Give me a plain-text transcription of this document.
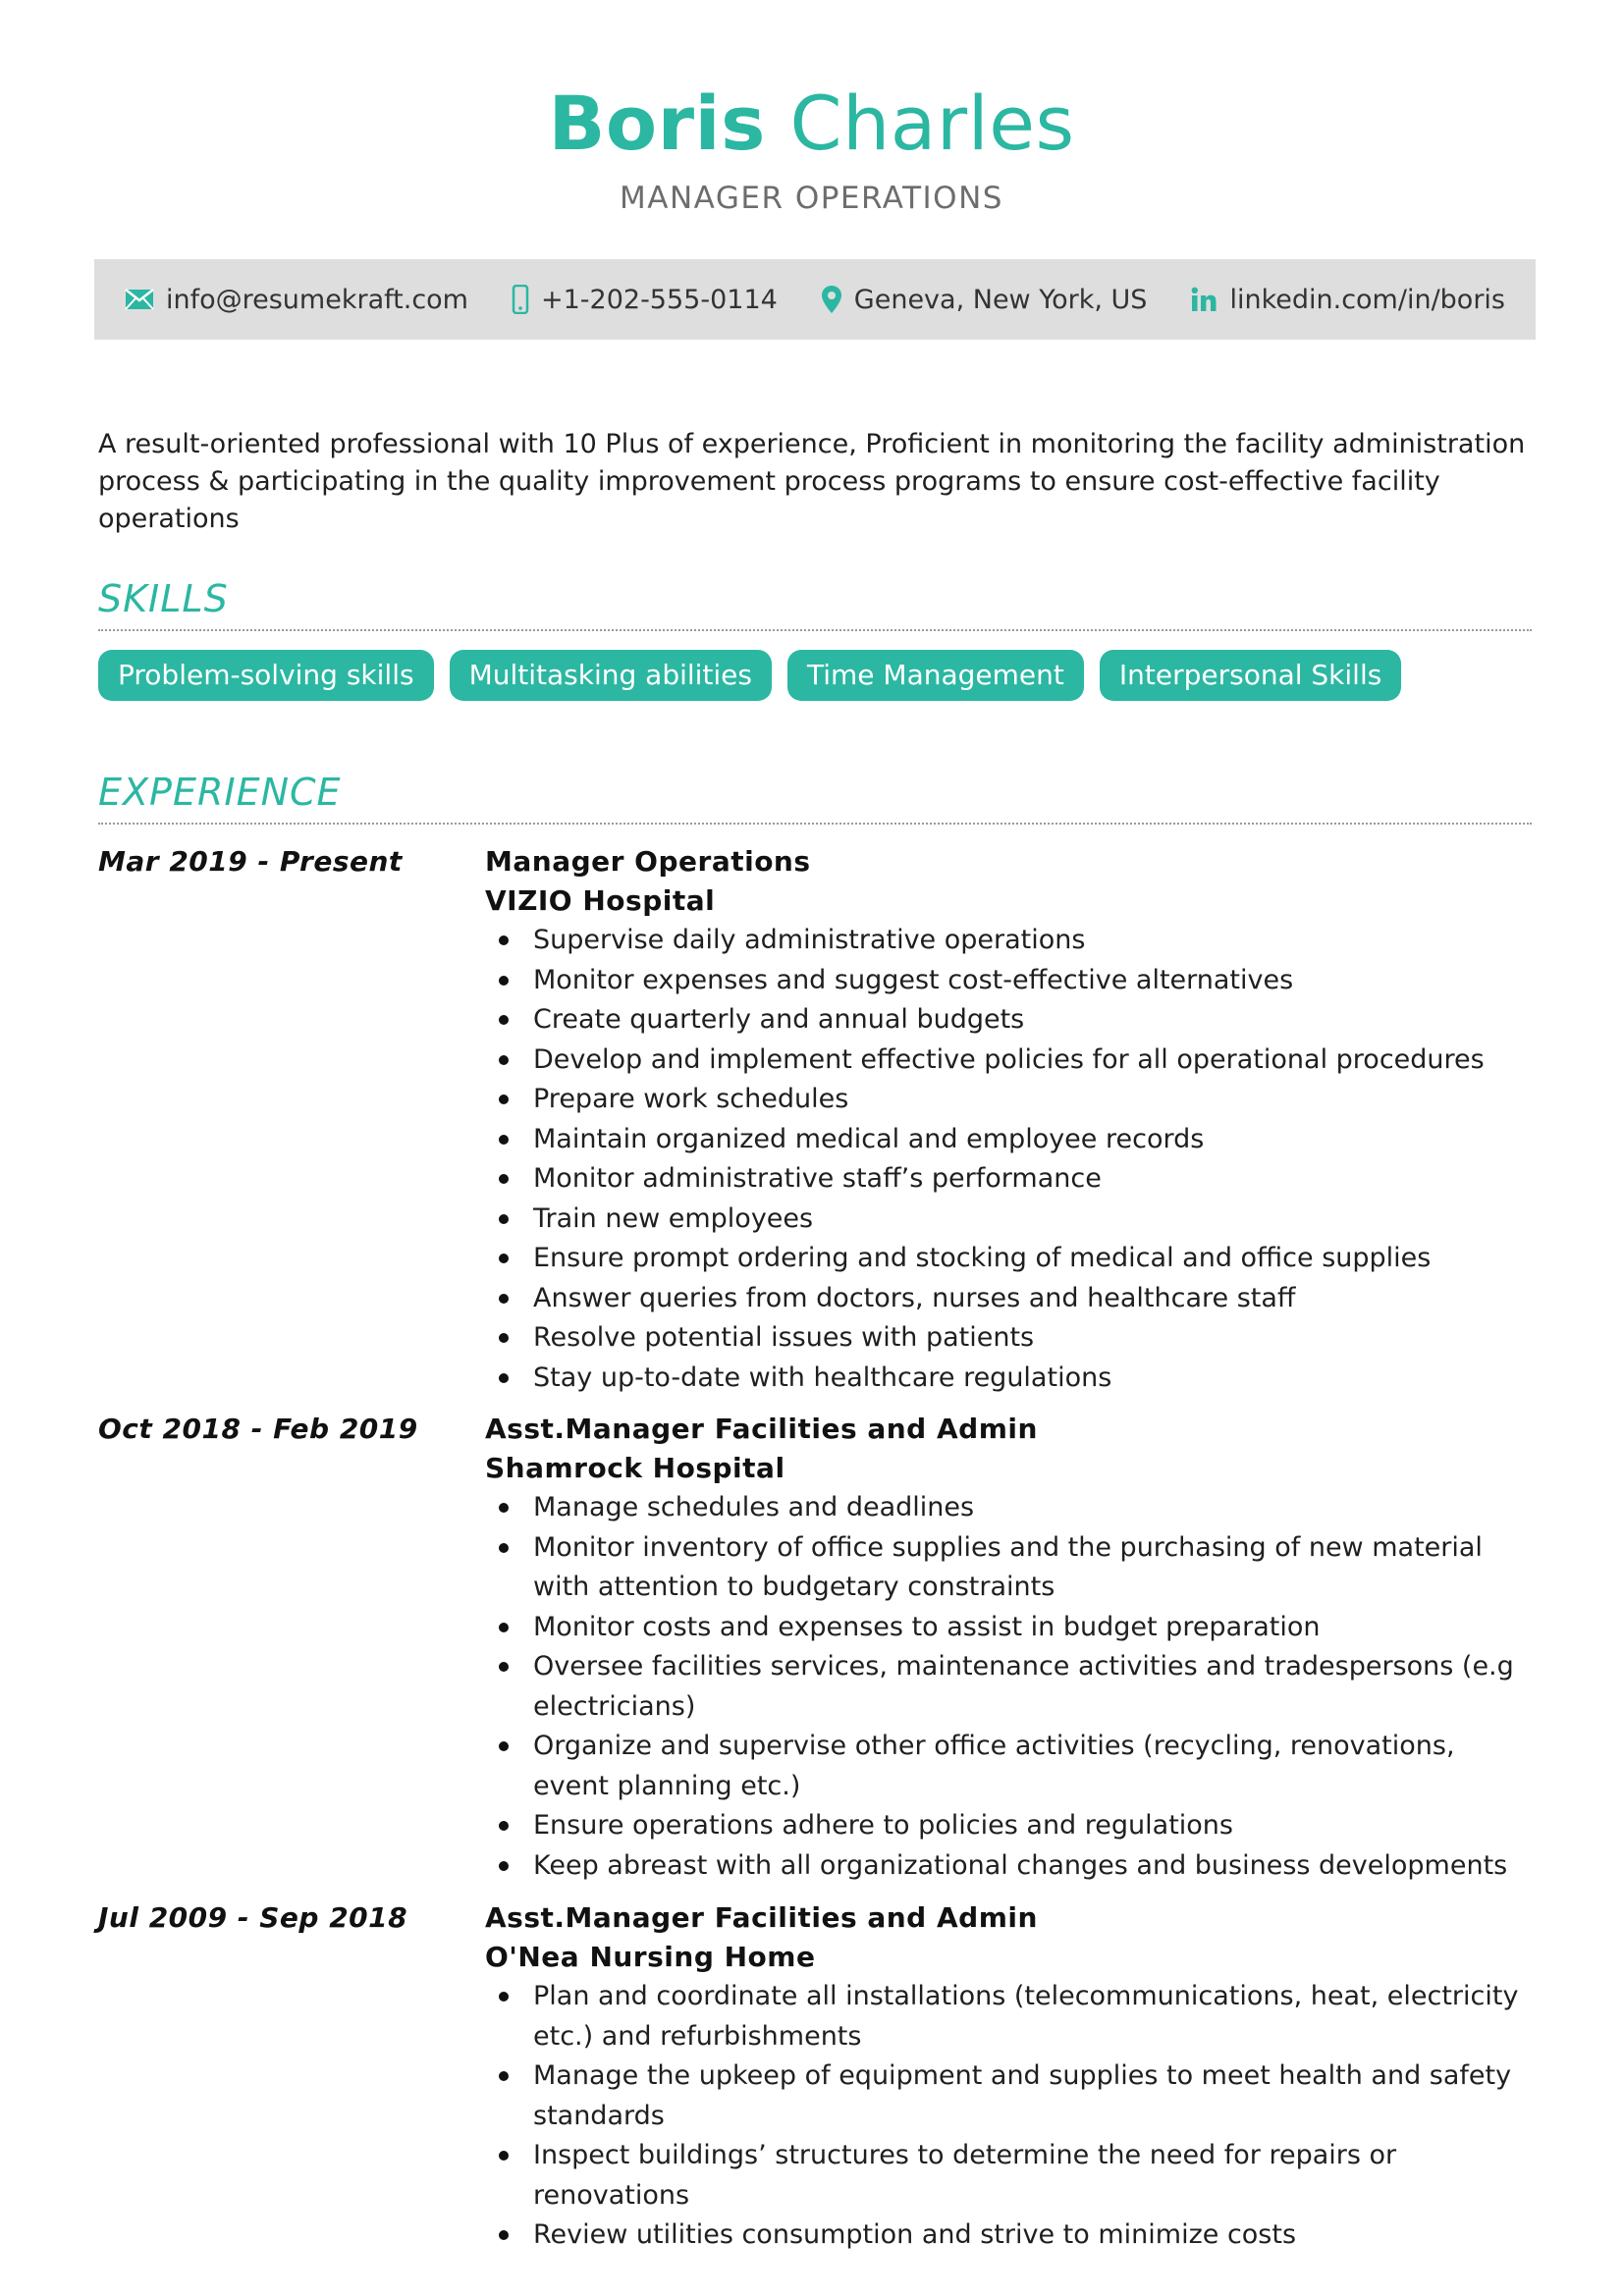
Boris Charles
MANAGER OPERATIONS
info@resumekraft.com	+1-202-555-0114	Geneva, New York, US	linkedin.com/in/boris
A result-oriented professional with 10 Plus of experience, Proficient in monitoring the facility administration process & participating in the quality improvement process programs to ensure cost-effective facility operations
SKILLS
Problem-solving skills	Multitasking abilities	Time Management	Interpersonal Skills
EXPERIENCE
Mar 2019 - Present	Manager Operations
VIZIO Hospital
Supervise daily administrative operations
Monitor expenses and suggest cost-effective alternatives
Create quarterly and annual budgets
Develop and implement effective policies for all operational procedures
Prepare work schedules
Maintain organized medical and employee records
Monitor administrative staff’s performance
Train new employees
Ensure prompt ordering and stocking of medical and office supplies
Answer queries from doctors, nurses and healthcare staff
Resolve potential issues with patients
Stay up-to-date with healthcare regulations
Oct 2018 - Feb 2019 Asst.Manager Facilities and Admin
Shamrock Hospital
Manage schedules and deadlines
Monitor inventory of office supplies and the purchasing of new material with attention to budgetary constraints
Monitor costs and expenses to assist in budget preparation
Oversee facilities services, maintenance activities and tradespersons (e.g electricians)
Organize and supervise other office activities (recycling, renovations, event planning etc.)
Ensure operations adhere to policies and regulations
Keep abreast with all organizational changes and business developments
Jul 2009 - Sep 2018	Asst.Manager Facilities and Admin
O'Nea Nursing Home
Plan and coordinate all installations (telecommunications, heat, electricity etc.) and refurbishments
Manage the upkeep of equipment and supplies to meet health and safety standards
Inspect buildings’ structures to determine the need for repairs or renovations
Review utilities consumption and strive to minimize costs
